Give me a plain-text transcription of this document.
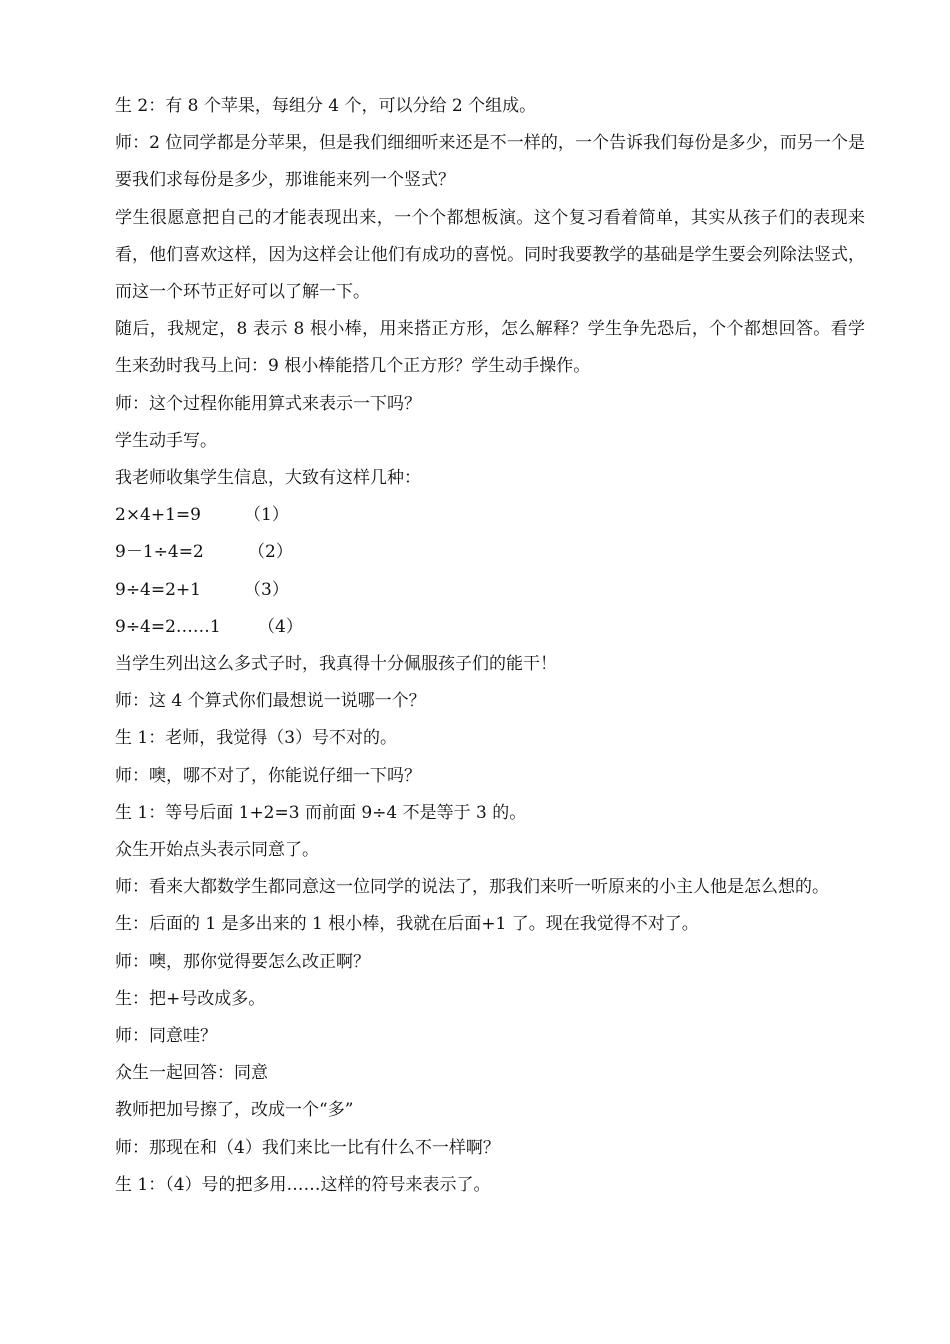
生 2：有 8 个苹果，每组分 4 个，可以分给 2 个组成。

师：2 位同学都是分苹果，但是我们细细听来还是不一样的，一个告诉我们每份是多少，而另一个是要我们求每份是多少，那谁能来列一个竖式？

学生很愿意把自己的才能表现出来，一个个都想板演。这个复习看着简单，其实从孩子们的表现来看，他们喜欢这样，因为这样会让他们有成功的喜悦。同时我要教学的基础是学生要会列除法竖式，而这一个环节正好可以了解一下。

随后，我规定，8 表示 8 根小棒，用来搭正方形，怎么解释？学生争先恐后，个个都想回答。看学生来劲时我马上问：9 根小棒能搭几个正方形？学生动手操作。

师：这个过程你能用算式来表示一下吗？

学生动手写。

我老师收集学生信息，大致有这样几种：

2×4+1=9	（1）

9－1÷4=2	（2）

9÷4=2+1	（3）

9÷4=2……1	（4）

当学生列出这么多式子时，我真得十分佩服孩子们的能干！

师：这 4 个算式你们最想说一说哪一个？

生 1：老师，我觉得（3）号不对的。

师：噢，哪不对了，你能说仔细一下吗？

生 1：等号后面 1+2=3 而前面 9÷4 不是等于 3 的。

众生开始点头表示同意了。

师：看来大都数学生都同意这一位同学的说法了，那我们来听一听原来的小主人他是怎么想的。

生：后面的 1 是多出来的 1 根小棒，我就在后面+1 了。现在我觉得不对了。

师：噢，那你觉得要怎么改正啊？

生：把+号改成多。

师：同意哇？

众生一起回答：同意

教师把加号擦了，改成一个“多”

师：那现在和（4）我们来比一比有什么不一样啊？

生 1：（4）号的把多用……这样的符号来表示了。
